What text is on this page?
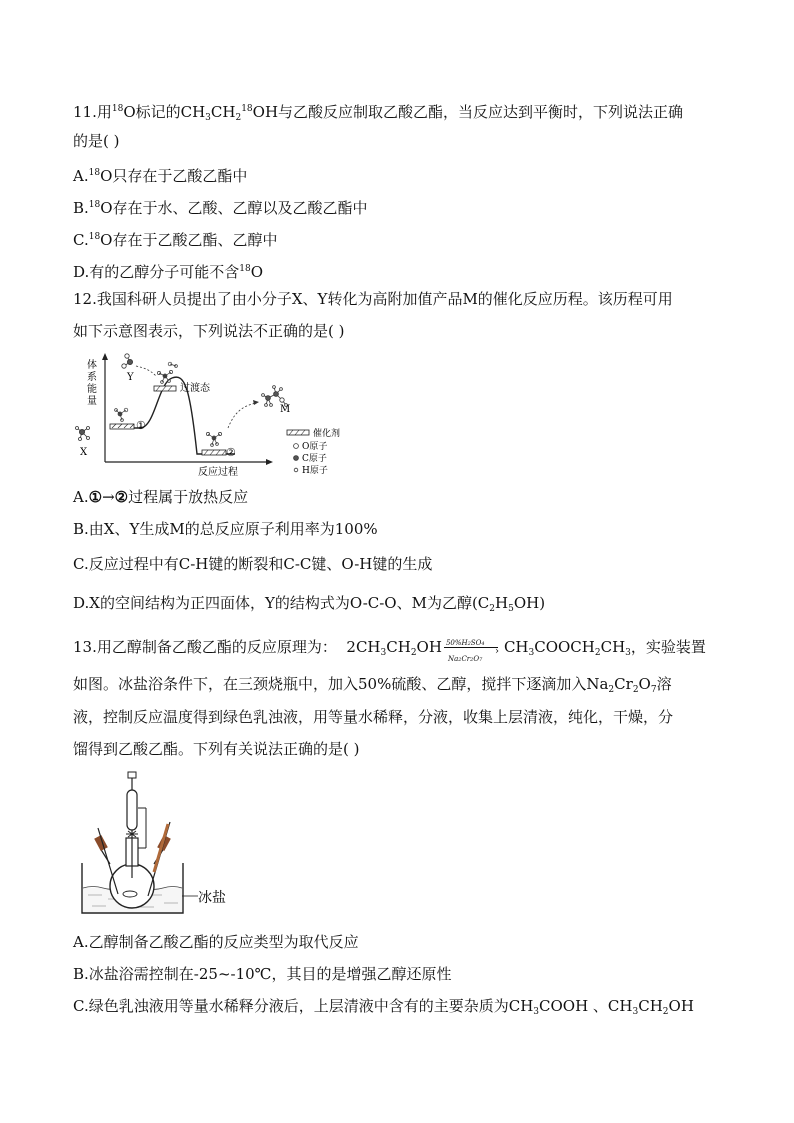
11.用$^{18}$O标记的$CH_3CH_2^{18}OH$与乙酸反应制取乙酸乙酯，当反应达到平衡时，下列说法正确
的是( )
A.$^{18}$O只存在于乙酸乙酯中
B.$^{18}$O存在于水、乙酸、乙醇以及乙酸乙酯中
C.$^{18}$O存在于乙酸乙酯、乙醇中
D.有的乙醇分子可能不含$^{18}$O
12.我国科研人员提出了由小分子X、Y转化为高附加值产品M的催化反应历程。该历程可用
如下示意图表示，下列说法不正确的是( )
体
系
能
量
反应过程
①
②
过渡态
X
Y
M
催化剂
O原子
C原子
H原子
A.①→②过程属于放热反应
B.由X、Y生成M的总反应原子利用率为100%
C.反应过程中有C-H键的断裂和C-C键、O-H键的生成
D.X的空间结构为正四面体，Y的结构式为O-C-O、M为乙醇$(C_2H_5OH)$
13.用乙醇制备乙酸乙酯的反应原理为： $2CH_3CH_2OH$ 50%H2SO4
›
Na2Cr2O7
$CH_3COOCH_2CH_3$，实验装置
如图。冰盐浴条件下，在三颈烧瓶中，加入50%硫酸、乙醇，搅拌下逐滴加入$Na_2Cr_2O_7$溶
液，控制反应温度得到绿色乳浊液，用等量水稀释，分液，收集上层清液，纯化，干燥，分
馏得到乙酸乙酯。下列有关说法正确的是( )
冰盐
A.乙醇制备乙酸乙酯的反应类型为取代反应
B.冰盐浴需控制在-25~-10℃，其目的是增强乙醇还原性
C.绿色乳浊液用等量水稀释分液后，上层清液中含有的主要杂质为$CH_3COOH$ 、$CH_3CH_2OH$
